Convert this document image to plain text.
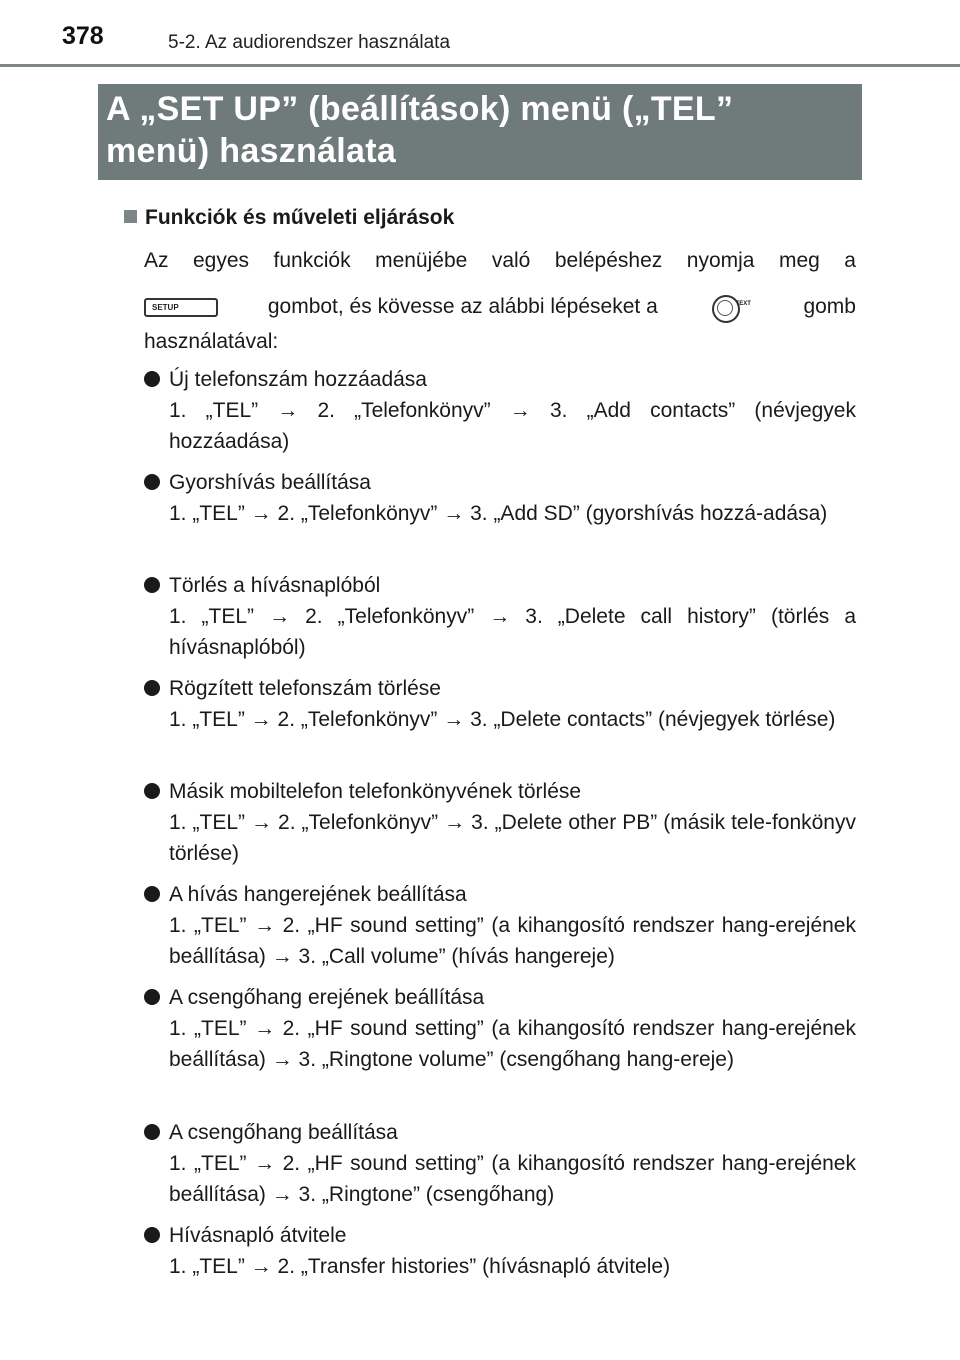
378	5-2. Az audiorendszer használata
A „SET UP” (beállítások) menü („TEL”
menü) használata
Funkciók és műveleti eljárások
Az egyes funkciók menüjébe való belépéshez nyomja meg a
SETUP	gombot, és kövesse az alábbi lépéseket a	TEXT	gomb
használatával:
Új telefonszám hozzáadása
1. „TEL” → 2. „Telefonkönyv” → 3. „Add contacts” (névjegyek hozzáadása)
Gyorshívás beállítása
1. „TEL” → 2. „Telefonkönyv” → 3. „Add SD” (gyorshívás hozzá-adása)
Törlés a hívásnaplóból
1. „TEL” → 2. „Telefonkönyv” → 3. „Delete call history” (törlés a hívásnaplóból)
Rögzített telefonszám törlése
1. „TEL” → 2. „Telefonkönyv” → 3. „Delete contacts” (névjegyek törlése)
Másik mobiltelefon telefonkönyvének törlése
1. „TEL” → 2. „Telefonkönyv” → 3. „Delete other PB” (másik tele-fonkönyv törlése)
A hívás hangerejének beállítása
1. „TEL” → 2. „HF sound setting” (a kihangosító rendszer hang-erejének beállítása) → 3. „Call volume” (hívás hangereje)
A csengőhang erejének beállítása
1. „TEL” → 2. „HF sound setting” (a kihangosító rendszer hang-erejének beállítása) → 3. „Ringtone volume” (csengőhang hang-ereje)
A csengőhang beállítása
1. „TEL” → 2. „HF sound setting” (a kihangosító rendszer hang-erejének beállítása) → 3. „Ringtone” (csengőhang)
Hívásnapló átvitele
1. „TEL” → 2. „Transfer histories” (hívásnapló átvitele)
